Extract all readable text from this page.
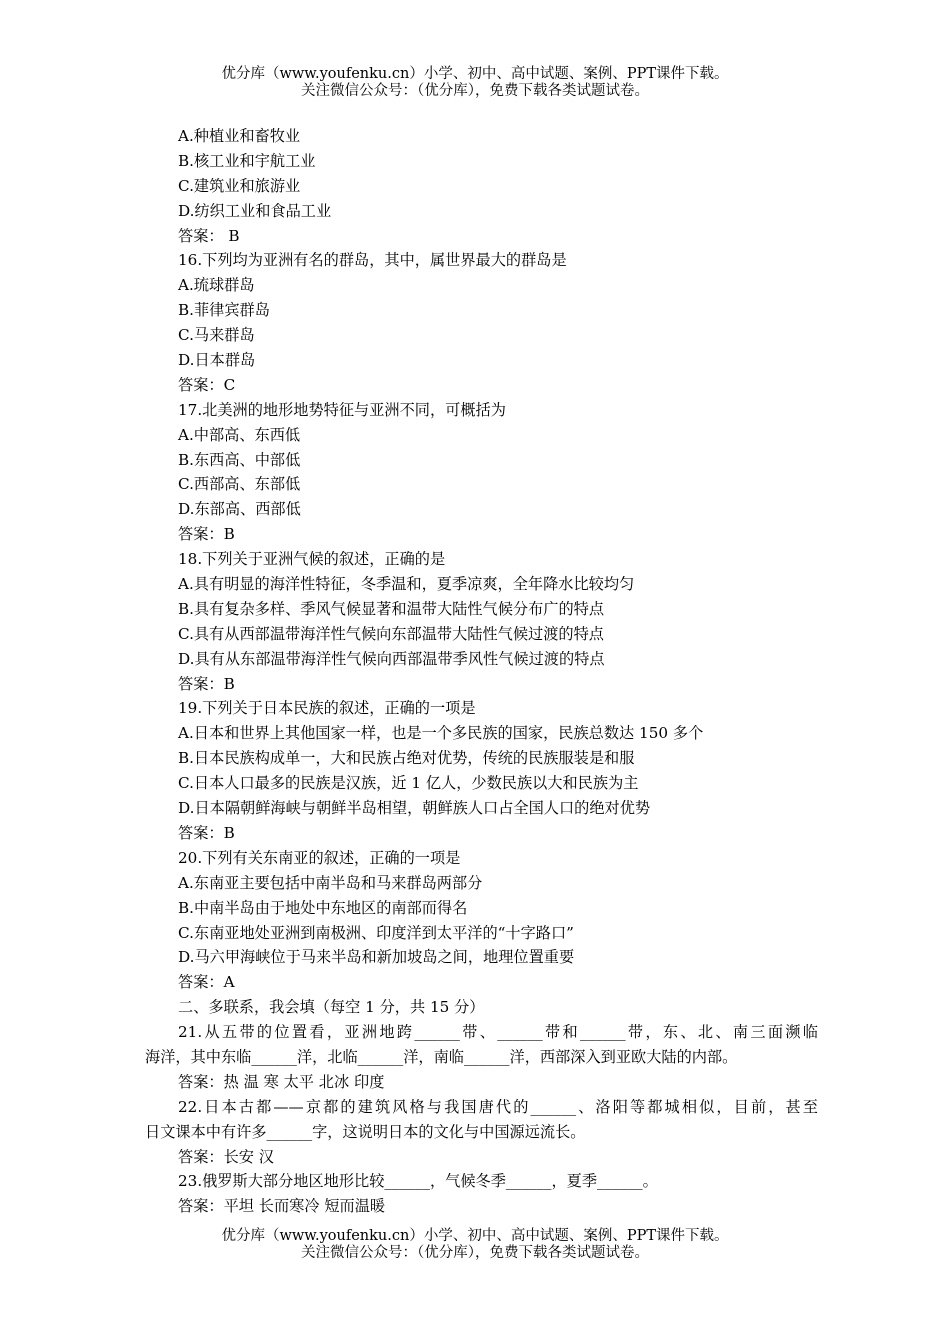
优分库（www.youfenku.cn）小学、初中、高中试题、案例、PPT课件下载。
关注微信公众号：（优分库），免费下载各类试题试卷。
A.种植业和畜牧业
B.核工业和宇航工业
C.建筑业和旅游业
D.纺织工业和食品工业
答案： B
16.下列均为亚洲有名的群岛，其中，属世界最大的群岛是
A.琉球群岛
B.菲律宾群岛
C.马来群岛
D.日本群岛
答案：C
17.北美洲的地形地势特征与亚洲不同，可概括为
A.中部高、东西低
B.东西高、中部低
C.西部高、东部低
D.东部高、西部低
答案：B
18.下列关于亚洲气候的叙述，正确的是
A.具有明显的海洋性特征，冬季温和，夏季凉爽，全年降水比较均匀
B.具有复杂多样、季风气候显著和温带大陆性气候分布广的特点
C.具有从西部温带海洋性气候向东部温带大陆性气候过渡的特点
D.具有从东部温带海洋性气候向西部温带季风性气候过渡的特点
答案：B
19.下列关于日本民族的叙述，正确的一项是
A.日本和世界上其他国家一样，也是一个多民族的国家，民族总数达 150 多个
B.日本民族构成单一，大和民族占绝对优势，传统的民族服装是和服
C.日本人口最多的民族是汉族，近 1 亿人，少数民族以大和民族为主
D.日本隔朝鲜海峡与朝鲜半岛相望，朝鲜族人口占全国人口的绝对优势
答案：B
20.下列有关东南亚的叙述，正确的一项是
A.东南亚主要包括中南半岛和马来群岛两部分
B.中南半岛由于地处中东地区的南部而得名
C.东南亚地处亚洲到南极洲、印度洋到太平洋的“十字路口”
D.马六甲海峡位于马来半岛和新加坡岛之间，地理位置重要
答案：A
二、多联系，我会填（每空 1 分，共 15 分）
21.从五带的位置看，亚洲地跨______带、______带和______带，东、北、南三面濒临
海洋，其中东临______洋，北临______洋，南临______洋，西部深入到亚欧大陆的内部。
答案：热 温 寒 太平 北冰 印度
22.日本古都——京都的建筑风格与我国唐代的______、洛阳等都城相似，目前，甚至
日文课本中有许多______字，这说明日本的文化与中国源远流长。
答案：长安 汉
23.俄罗斯大部分地区地形比较______，气候冬季______，夏季______。
答案：平坦 长而寒冷 短而温暖
优分库（www.youfenku.cn）小学、初中、高中试题、案例、PPT课件下载。
关注微信公众号：（优分库），免费下载各类试题试卷。
